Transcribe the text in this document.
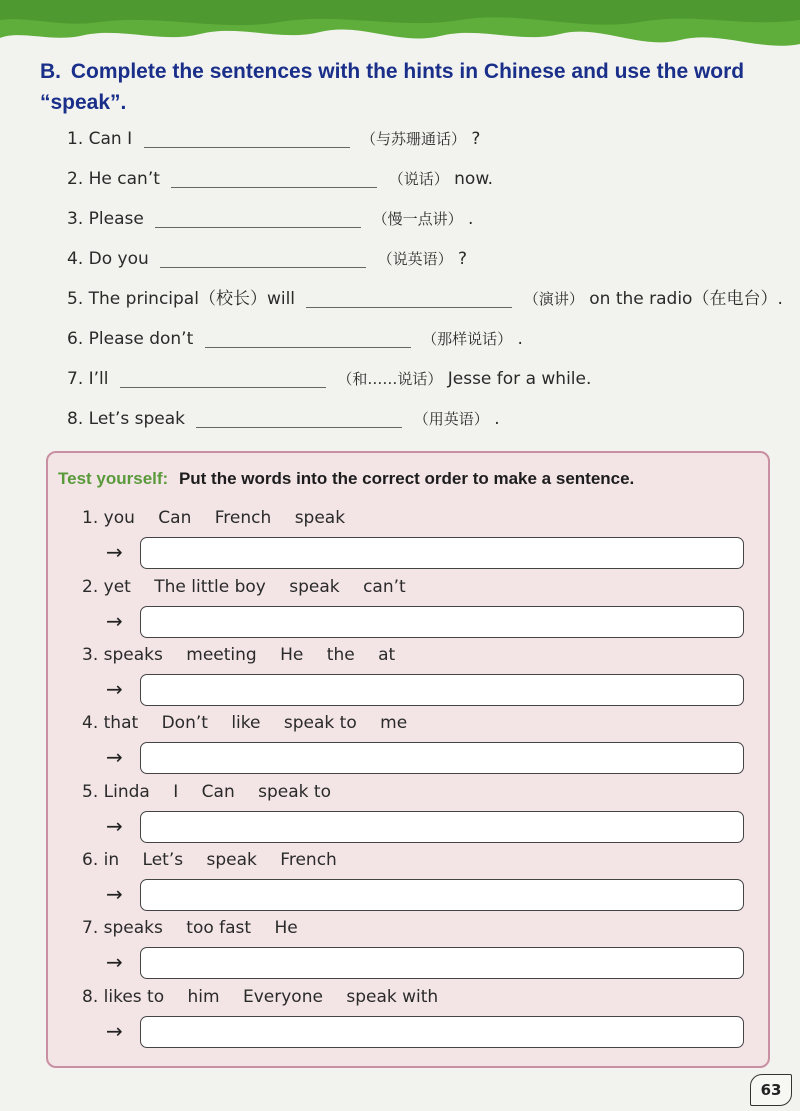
B. Complete the sentences with the hints in Chinese and use the word “speak”.
1. Can I	（与苏珊通话） ?
2. He can’t	（说话） now.
3. Please	（慢一点讲） .
4. Do you	（说英语） ?
5. The principal（校长）will	（演讲） on the radio（在电台）.
6. Please don’t	（那样说话） .
7. I’ll	（和……说话） Jesse for a while.
8. Let’s speak	（用英语） .
Test yourself: Put the words into the correct order to make a sentence.
1. you Can French speak
→
2. yet The little boy speak can’t
→
3. speaks meeting He the at
→
4. that Don’t like speak to me
→
5. Linda I Can speak to
→
6. in Let’s speak French
→
7. speaks too fast He
→
8. likes to him Everyone speak with
→
63
